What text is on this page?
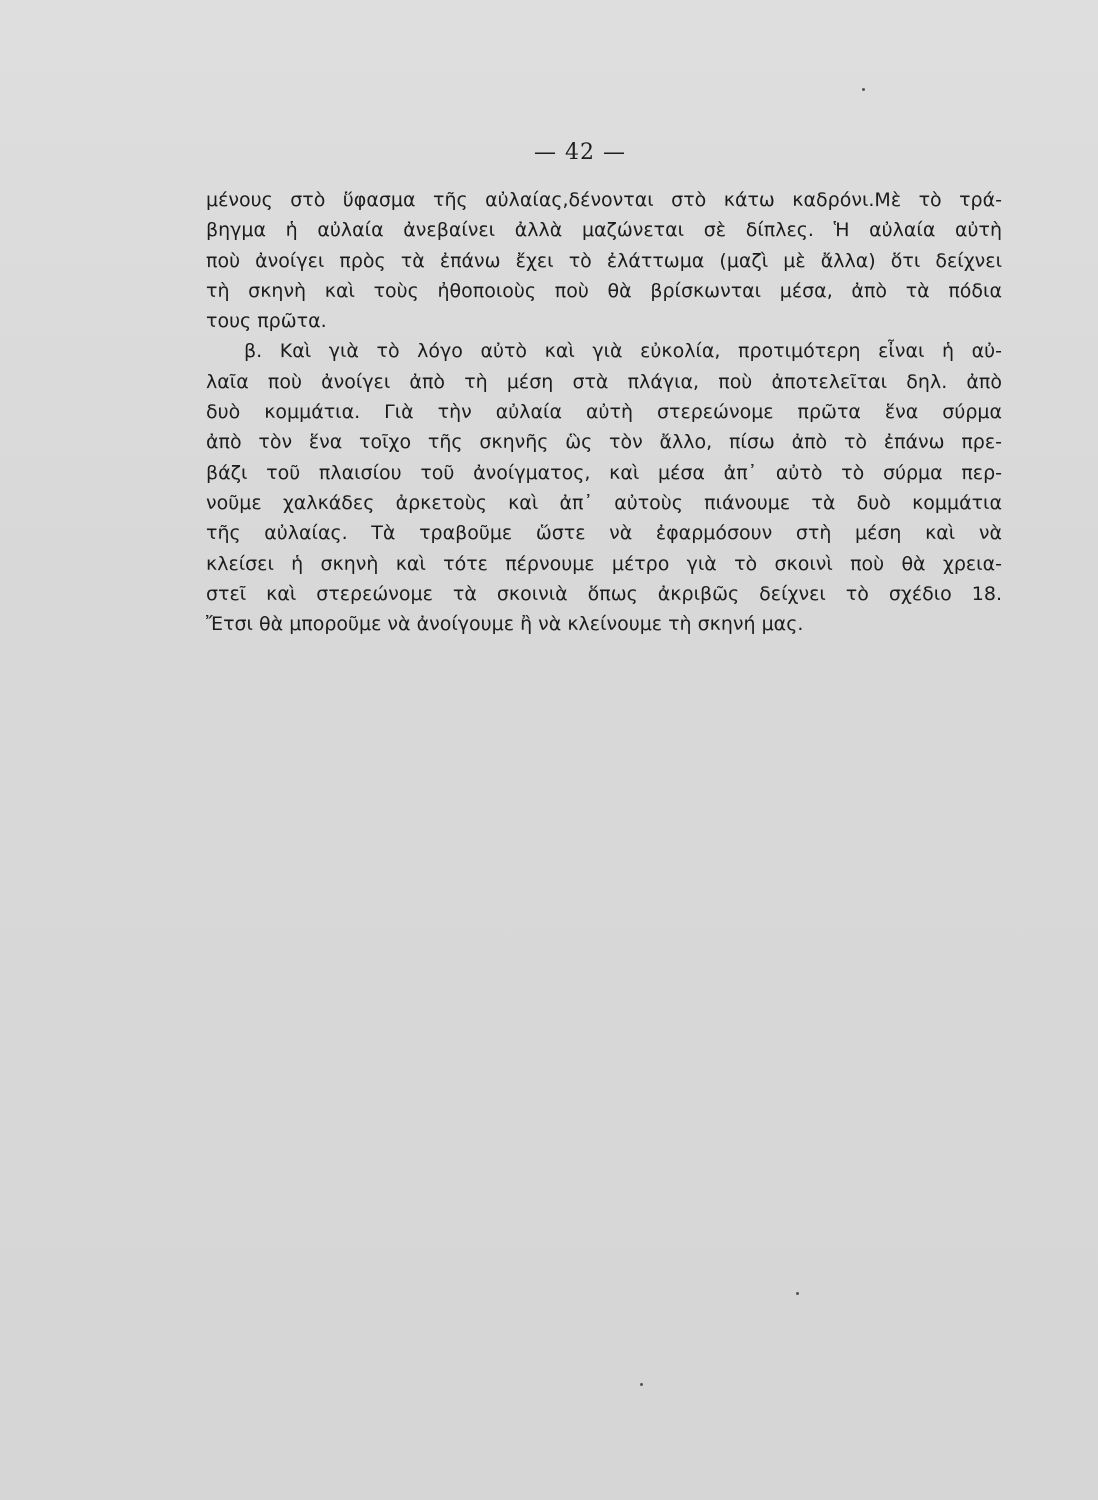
— 42 —
μένους στὸ ὕφασμα τῆς αὐλαίας,δένονται στὸ κάτω καδρόνι.Μὲ τὸ τρά-
βηγμα ἡ αὐλαία ἀνεβαίνει ἀλλὰ μαζώνεται σὲ δίπλες. Ἡ αὐλαία αὐτὴ
ποὺ ἀνοίγει πρὸς τὰ ἐπάνω ἔχει τὸ ἐλάττωμα (μαζὶ μὲ ἄλλα) ὅτι δείχνει
τὴ σκηνὴ καὶ τοὺς ἠθοποιοὺς ποὺ θὰ βρίσκωνται μέσα, ἀπὸ τὰ πόδια
τους πρῶτα.
β. Καὶ γιὰ τὸ λόγο αὐτὸ καὶ γιὰ εὐκολία, προτιμότερη εἶναι ἡ αὐ-
λαῖα ποὺ ἀνοίγει ἀπὸ τὴ μέση στὰ πλάγια, ποὺ ἀποτελεῖται δηλ. ἀπὸ
δυὸ κομμάτια. Γιὰ τὴν αὐλαία αὐτὴ στερεώνομε πρῶτα ἕνα σύρμα
ἀπὸ τὸν ἕνα τοῖχο τῆς σκηνῆς ὣς τὸν ἄλλο, πίσω ἀπὸ τὸ ἐπάνω πρε-
βάζι τοῦ πλαισίου τοῦ ἀνοίγματος, καὶ μέσα ἀπ᾿ αὐτὸ τὸ σύρμα περ-
νοῦμε χαλκάδες ἀρκετοὺς καὶ ἀπ᾿ αὐτοὺς πιάνουμε τὰ δυὸ κομμάτια
τῆς αὐλαίας. Τὰ τραβοῦμε ὥστε νὰ ἐφαρμόσουν στὴ μέση καὶ νὰ
κλείσει ἡ σκηνὴ καὶ τότε πέρνουμε μέτρο γιὰ τὸ σκοινὶ ποὺ θὰ χρεια-
στεῖ καὶ στερεώνομε τὰ σκοινιὰ ὅπως ἀκριβῶς δείχνει τὸ σχέδιο 18.
Ἔτσι θὰ μποροῦμε νὰ ἀνοίγουμε ἢ νὰ κλείνουμε τὴ σκηνή μας.
